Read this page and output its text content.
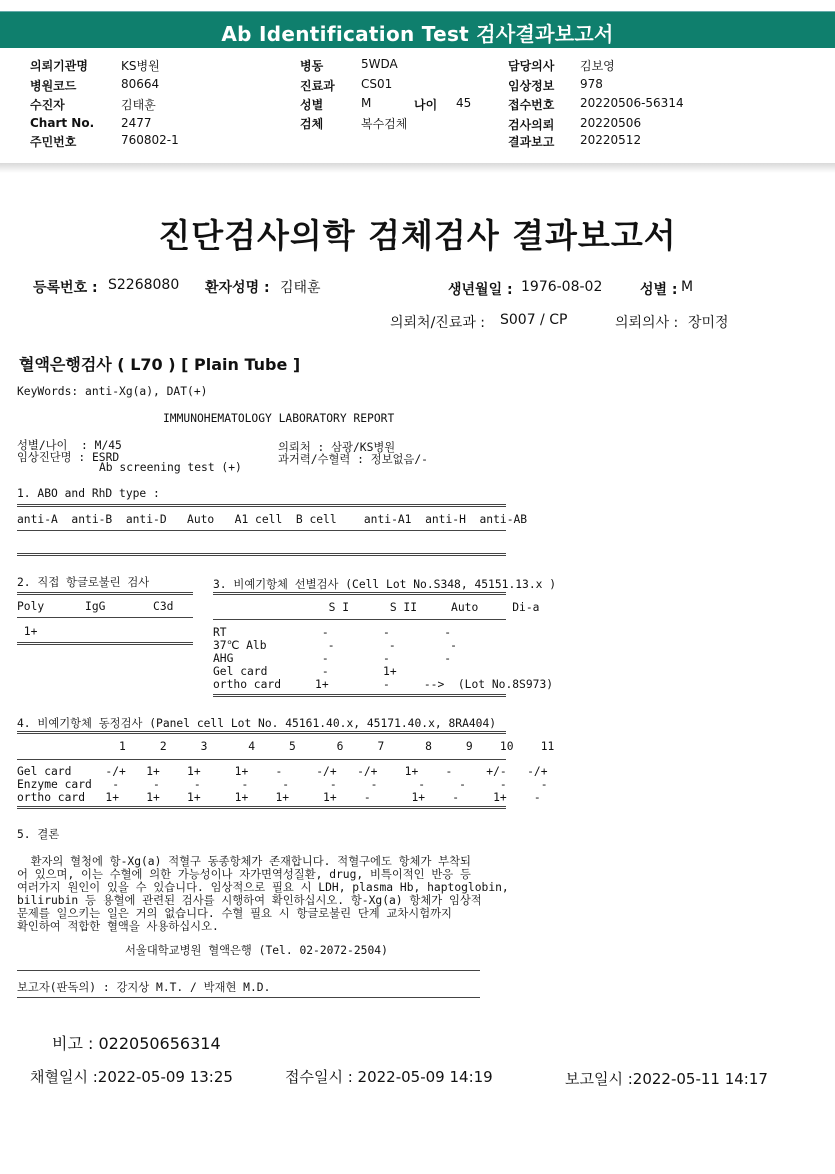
Ab Identification Test 검사결과보고서
의뢰기관명	KS병원
병원코드	80664
수진자	김태훈
Chart No. 2477
주민번호	760802-1
병동	5WDA
진료과 CS01
성별	M	나이 45
검체	복수검체
담당의사 김보영
임상정보 978
접수번호 20220506-56314
검사의뢰 20220506
결과보고 20220512
진단검사의학 검체검사 결과보고서
등록번호 : S2268080 환자성명 : 김태훈	생년월일 : 1976-08-02	성별 : M
의뢰처/진료과 : S007 / CP	의뢰의사 : 장미정
혈액은행검사 ( L70 ) [ Plain Tube ]
KeyWords: anti-Xg(a), DAT(+)
IMMUNOHEMATOLOGY LABORATORY REPORT
성별/나이  : M/45
임상진단명 : ESRD
Ab screening test (+)
의뢰처 : 삼광/KS병원
과거력/수혈력 : 정보없음/-
1. ABO and RhD type :
anti-A  anti-B  anti-D   Auto   A1 cell  B cell    anti-A1  anti-H  anti-AB
2. 직접 항글로불린 검사
Poly      IgG       C3d
1+
3. 비예기항체 선별검사 (Cell Lot No.S348, 45151.13.x )
S I      S II     Auto     Di-a
RT              -        -        -
37℃ Alb         -        -        -
AHG             -        -        -
Gel card        -        1+
ortho card     1+        -     -->  (Lot No.8S973)
4. 비예기항체 동정검사 (Panel cell Lot No. 45161.40.x, 45171.40.x, 8RA404)
1     2     3      4     5      6     7      8     9    10    11
Gel card     -/+   1+    1+     1+    -     -/+   -/+    1+    -     +/-   -/+
Enzyme card   -     -     -      -     -      -     -      -     -     -     -
ortho card   1+    1+    1+     1+    1+     1+    -      1+    -     1+    -
5. 결론
환자의 혈청에 항-Xg(a) 적혈구 동종항체가 존재합니다. 적혈구에도 항체가 부착되
어 있으며, 이는 수혈에 의한 가능성이나 자가면역성질환, drug, 비특이적인 반응 등
여러가지 원인이 있을 수 있습니다. 임상적으로 필요 시 LDH, plasma Hb, haptoglobin,
bilirubin 등 용혈에 관련된 검사를 시행하여 확인하십시오. 항-Xg(a) 항체가 임상적
문제를 일으키는 일은 거의 없습니다. 수혈 필요 시 항글로불린 단계 교차시험까지
확인하여 적합한 혈액을 사용하십시오.
서울대학교병원 혈액은행 (Tel. 02-2072-2504)
보고자(판독의) : 강지상 M.T. / 박재현 M.D.
비고 : 022050656314
채혈일시 :2022-05-09 13:25	접수일시 : 2022-05-09 14:19	보고일시 :2022-05-11 14:17
